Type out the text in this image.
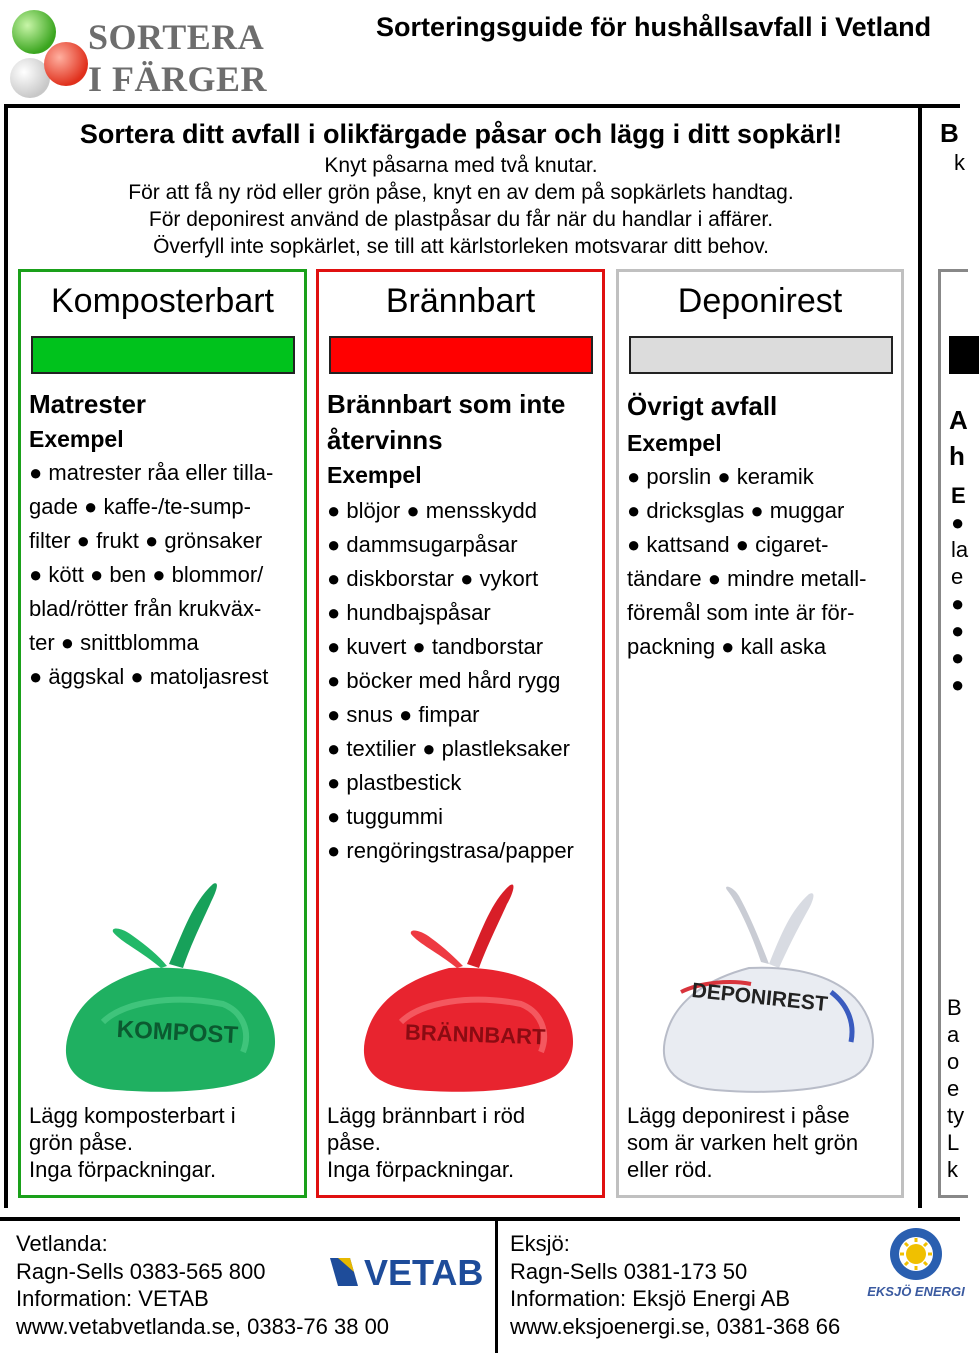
SORTERA
I FÄRGER
Sorteringsguide för hushållsavfall i Vetland
Sortera ditt avfall i olikfärgade påsar och lägg i ditt sopkärl!
Knyt påsarna med två knutar.
För att få ny röd eller grön påse, knyt en av dem på sopkärlets handtag.
För deponirest använd de plastpåsar du får när du handlar i affärer.
Överfyll inte sopkärlet, se till att kärlstorleken motsvarar ditt behov.
Komposterbart
Matrester
Exempel
● matrester råa eller tilla-
gade ● kaffe-/te-sump-
filter ● frukt ● grönsaker
● kött ● ben ● blommor/
blad/rötter från krukväx-
ter ● snittblomma
● äggskal ● matoljasrest
KOMPOST
Lägg komposterbart i
grön påse.
Inga förpackningar.
Brännbart
Brännbart som inte återvinns
Exempel
● blöjor ● mensskydd
● dammsugarpåsar
● diskborstar ● vykort
● hundbajspåsar
● kuvert ● tandborstar
● böcker med hård rygg
● snus ● fimpar
● textilier ● plastleksaker
● plastbestick
● tuggummi
● rengöringstrasa/papper
BRÄNNBART
Lägg brännbart i röd
påse.
Inga förpackningar.
Deponirest
Övrigt avfall
Exempel
● porslin ● keramik
● dricksglas ● muggar
● kattsand ● cigaret-
tändare ● mindre metall-
föremål som inte är för-
packning ● kall aska
DEPONIREST
Lägg deponirest i påse
som är varken helt grön
eller röd.
B
k
A
h
E
●
la
e
●
●
●
●
B
a
o
e
ty
L
k
Vetlanda:
Ragn-Sells 0383-565 800
Information: VETAB
www.vetabvetlanda.se, 0383-76 38 00
VETAB
Eksjö:
Ragn-Sells 0381-173 50
Information: Eksjö Energi AB
www.eksjoenergi.se, 0381-368 66
EKSJÖ ENERGI
